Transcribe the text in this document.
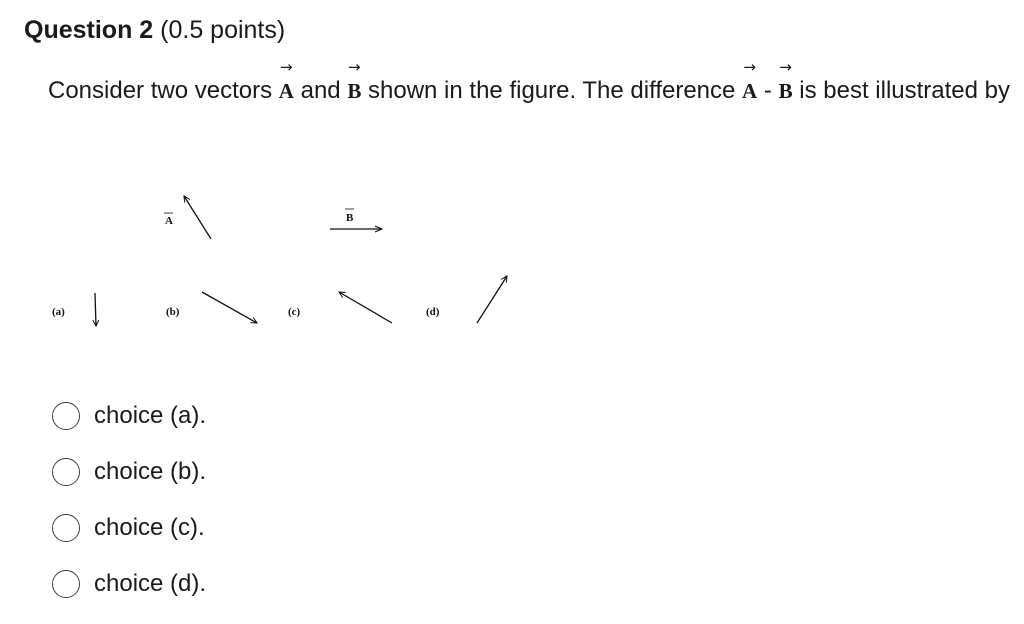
Question 2 (0.5 points)
Consider two vectors
→
A and
→
B shown in the figure. The difference
→
A -
→
B is best illustrated by
A	B
(a)	(b)	(c)	(d)
choice (a).
choice (b).
choice (c).
choice (d).
